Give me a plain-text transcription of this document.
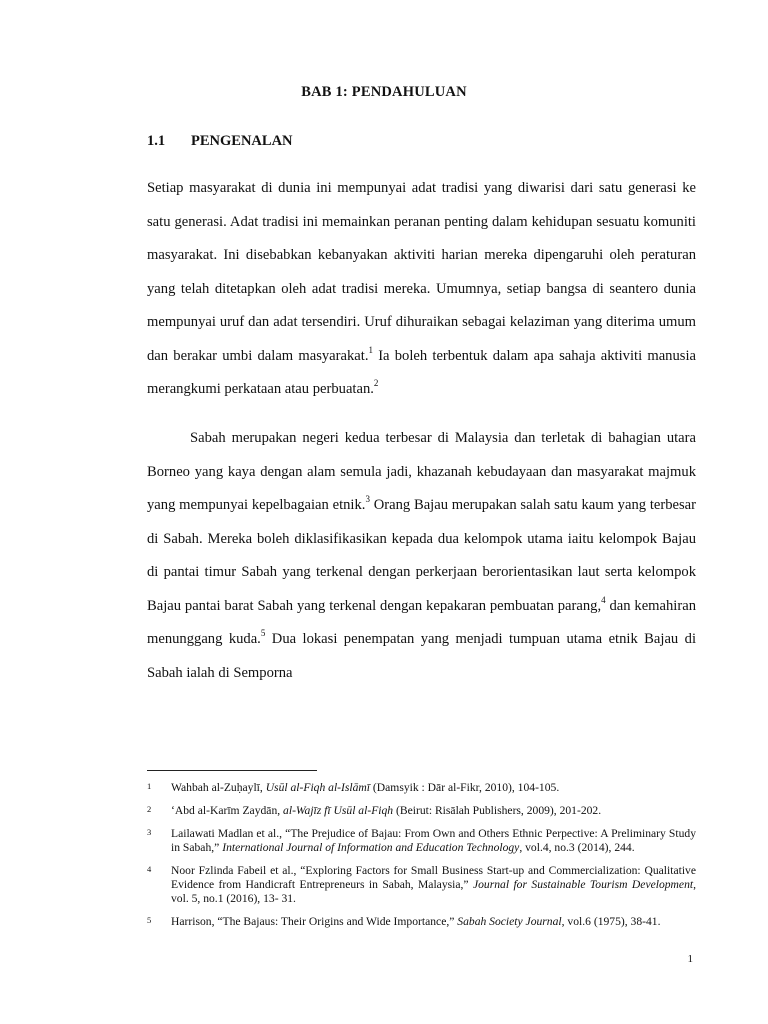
BAB 1: PENDAHULUAN
1.1 PENGENALAN
Setiap masyarakat di dunia ini mempunyai adat tradisi yang diwarisi dari satu generasi ke satu generasi. Adat tradisi ini memainkan peranan penting dalam kehidupan sesuatu komuniti masyarakat. Ini disebabkan kebanyakan aktiviti harian mereka dipengaruhi oleh peraturan yang telah ditetapkan oleh adat tradisi mereka. Umumnya, setiap bangsa di seantero dunia mempunyai uruf dan adat tersendiri. Uruf dihuraikan sebagai kelaziman yang diterima umum dan berakar umbi dalam masyarakat.$^1$ Ia boleh terbentuk dalam apa sahaja aktiviti manusia merangkumi perkataan atau perbuatan.$^2$
Sabah merupakan negeri kedua terbesar di Malaysia dan terletak di bahagian utara Borneo yang kaya dengan alam semula jadi, khazanah kebudayaan dan masyarakat majmuk yang mempunyai kepelbagaian etnik.$^3$ Orang Bajau merupakan salah satu kaum yang terbesar di Sabah. Mereka boleh diklasifikasikan kepada dua kelompok utama iaitu kelompok Bajau di pantai timur Sabah yang terkenal dengan perkerjaan berorientasikan laut serta kelompok Bajau pantai barat Sabah yang terkenal dengan kepakaran pembuatan parang,$^4$ dan kemahiran menunggang kuda.$^5$ Dua lokasi penempatan yang menjadi tumpuan utama etnik Bajau di Sabah ialah di Semporna
1	Wahbah al-Zuḥaylī, Usūl al-Fiqh al-Islāmī (Damsyik : Dār al-Fikr, 2010), 104-105.
2	ʻAbd al-Karīm Zaydān, al-Wajīz fī Usūl al-Fiqh (Beirut: Risālah Publishers, 2009), 201-202.
3	Lailawati Madlan et al., “The Prejudice of Bajau: From Own and Others Ethnic Perpective: A Preliminary Study in Sabah,” International Journal of Information and Education Technology, vol.4, no.3 (2014), 244.
4	Noor Fzlinda Fabeil et al., “Exploring Factors for Small Business Start-up and Commercialization: Qualitative Evidence from Handicraft Entrepreneurs in Sabah, Malaysia,” Journal for Sustainable Tourism Development, vol. 5, no.1 (2016), 13- 31.
5	Harrison, “The Bajaus: Their Origins and Wide Importance,” Sabah Society Journal, vol.6 (1975), 38-41.
1
